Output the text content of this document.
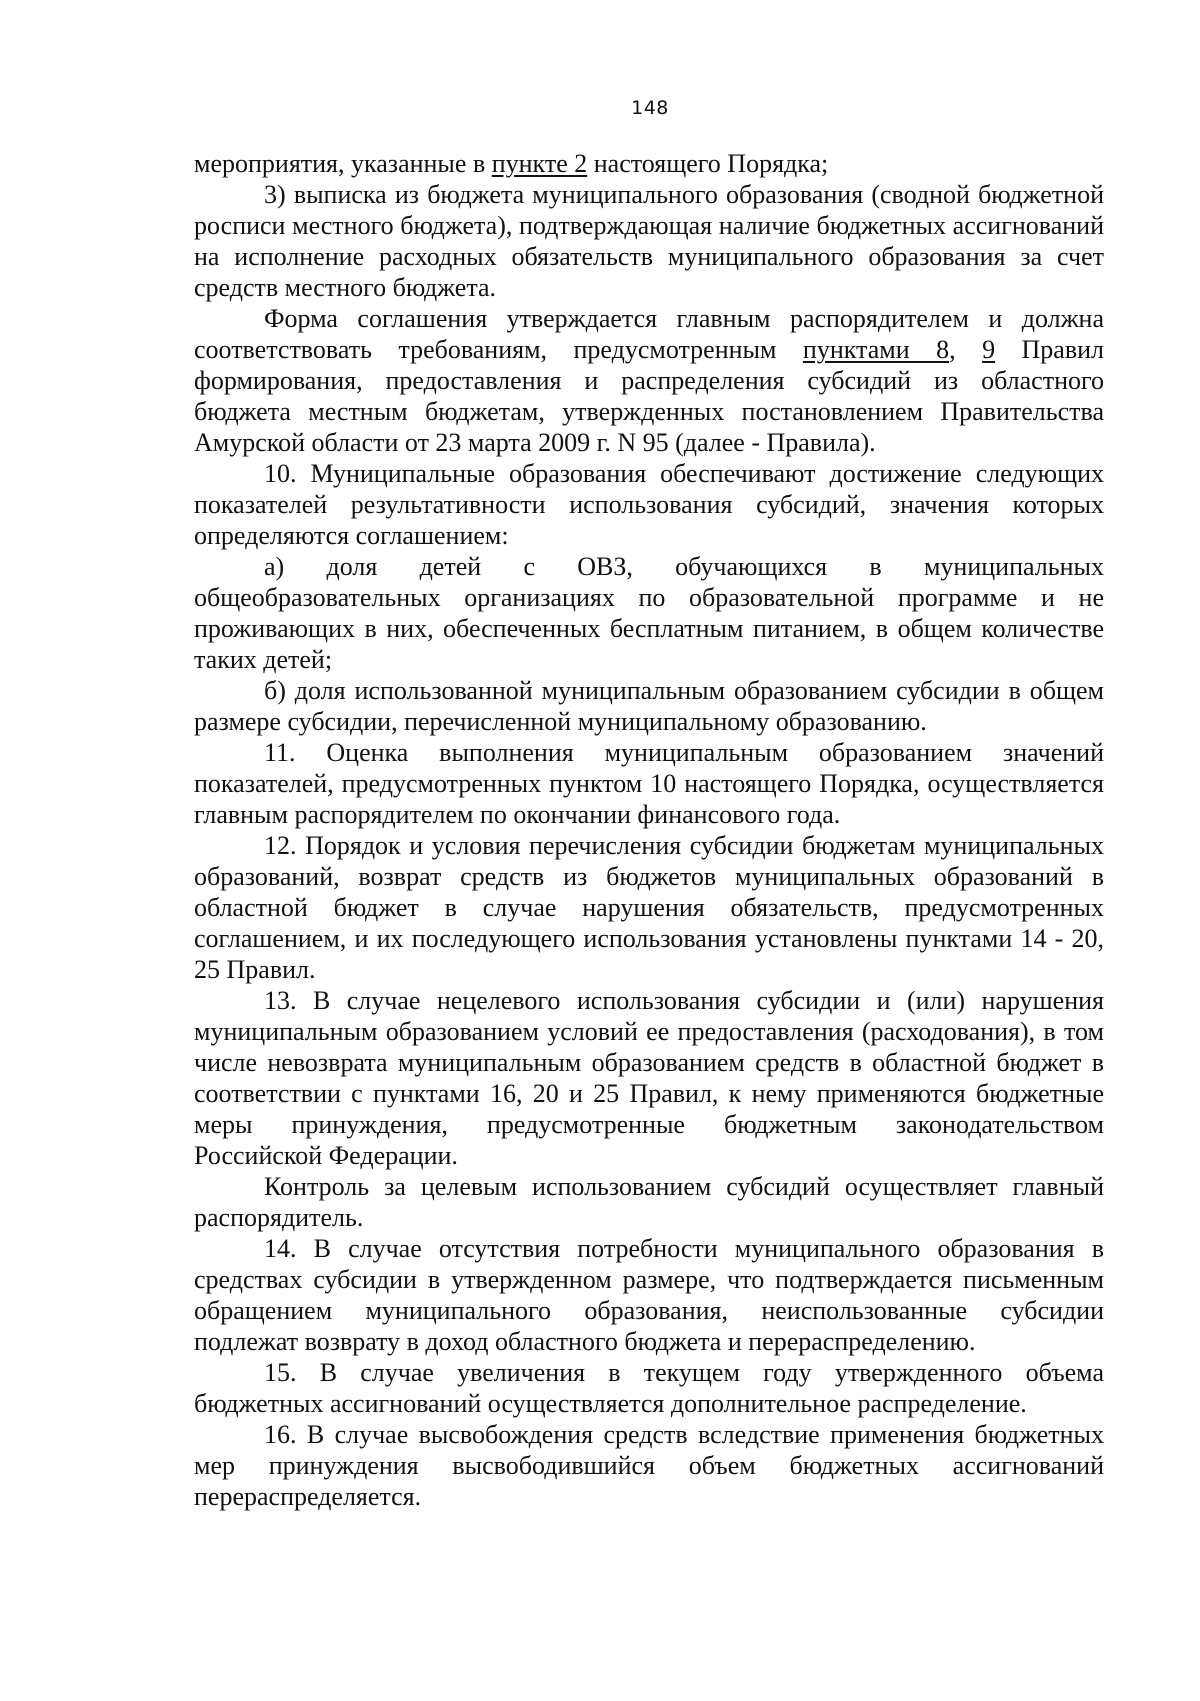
148

мероприятия, указанные в пункте 2 настоящего Порядка;

3) выписка из бюджета муниципального образования (сводной бюджетной росписи местного бюджета), подтверждающая наличие бюджетных ассигнований на исполнение расходных обязательств муниципального образования за счет средств местного бюджета.

Форма соглашения утверждается главным распорядителем и должна соответствовать требованиям, предусмотренным пунктами 8, 9 Правил формирования, предоставления и распределения субсидий из областного бюджета местным бюджетам, утвержденных постановлением Правительства Амурской области от 23 марта 2009 г. N 95 (далее - Правила).

10. Муниципальные образования обеспечивают достижение следующих показателей результативности использования субсидий, значения которых определяются соглашением:

а) доля детей с ОВЗ, обучающихся в муниципальных общеобразовательных организациях по образовательной программе и не проживающих в них, обеспеченных бесплатным питанием, в общем количестве таких детей;

б) доля использованной муниципальным образованием субсидии в общем размере субсидии, перечисленной муниципальному образованию.

11. Оценка выполнения муниципальным образованием значений показателей, предусмотренных пунктом 10 настоящего Порядка, осуществляется главным распорядителем по окончании финансового года.

12. Порядок и условия перечисления субсидии бюджетам муниципальных образований, возврат средств из бюджетов муниципальных образований в областной бюджет в случае нарушения обязательств, предусмотренных соглашением, и их последующего использования установлены пунктами 14 - 20, 25 Правил.

13. В случае нецелевого использования субсидии и (или) нарушения муниципальным образованием условий ее предоставления (расходования), в том числе невозврата муниципальным образованием средств в областной бюджет в соответствии с пунктами 16, 20 и 25 Правил, к нему применяются бюджетные меры принуждения, предусмотренные бюджетным законодательством Российской Федерации.

Контроль за целевым использованием субсидий осуществляет главный распорядитель.

14. В случае отсутствия потребности муниципального образования в средствах субсидии в утвержденном размере, что подтверждается письменным обращением муниципального образования, неиспользованные субсидии подлежат возврату в доход областного бюджета и перераспределению.

15. В случае увеличения в текущем году утвержденного объема бюджетных ассигнований осуществляется дополнительное распределение.

16. В случае высвобождения средств вследствие применения бюджетных мер принуждения высвободившийся объем бюджетных ассигнований перераспределяется.
